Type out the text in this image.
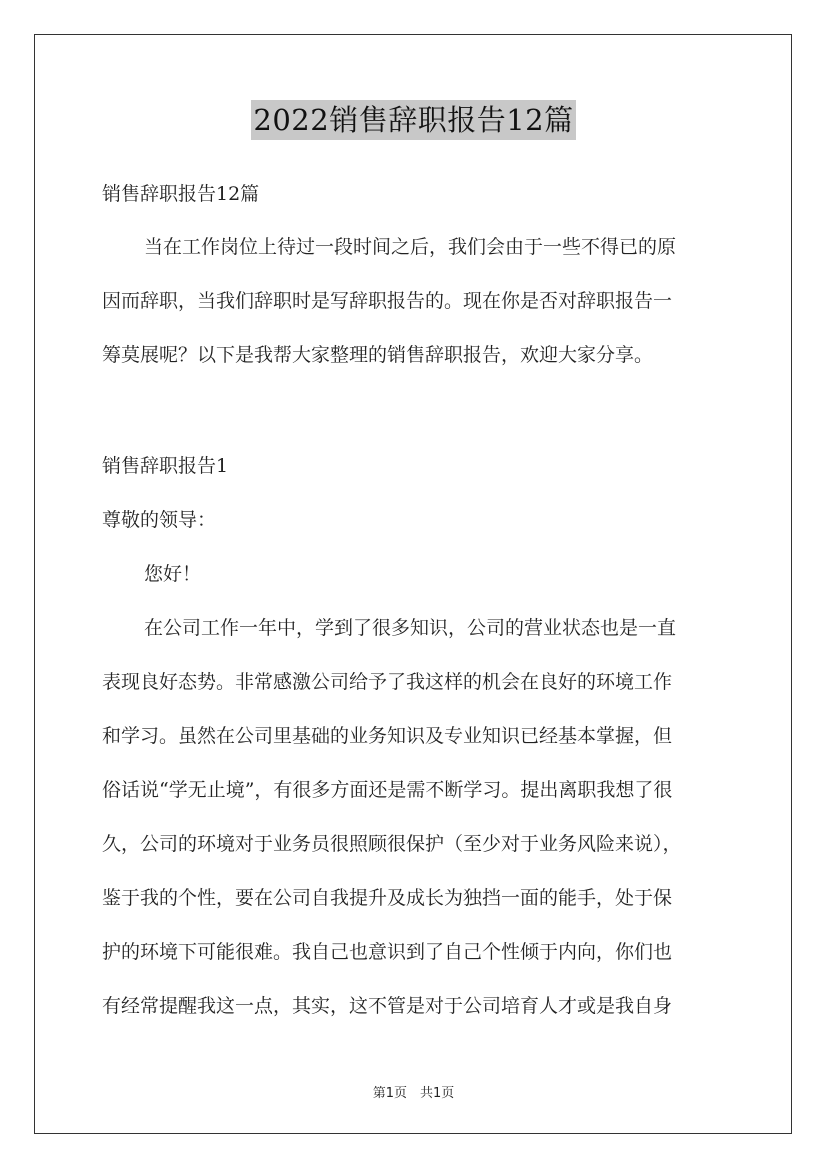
2022销售辞职报告12篇
销售辞职报告12篇
当在工作岗位上待过一段时间之后，我们会由于一些不得已的原
因而辞职，当我们辞职时是写辞职报告的。现在你是否对辞职报告一
筹莫展呢？以下是我帮大家整理的销售辞职报告，欢迎大家分享。
销售辞职报告1
尊敬的领导：
您好！
在公司工作一年中，学到了很多知识，公司的营业状态也是一直
表现良好态势。非常感激公司给予了我这样的机会在良好的环境工作
和学习。虽然在公司里基础的业务知识及专业知识已经基本掌握，但
俗话说“学无止境”，有很多方面还是需不断学习。提出离职我想了很
久，公司的环境对于业务员很照顾很保护（至少对于业务风险来说），
鉴于我的个性，要在公司自我提升及成长为独挡一面的能手，处于保
护的环境下可能很难。我自己也意识到了自己个性倾于内向，你们也
有经常提醒我这一点，其实，这不管是对于公司培育人才或是我自身
第1页　共1页
